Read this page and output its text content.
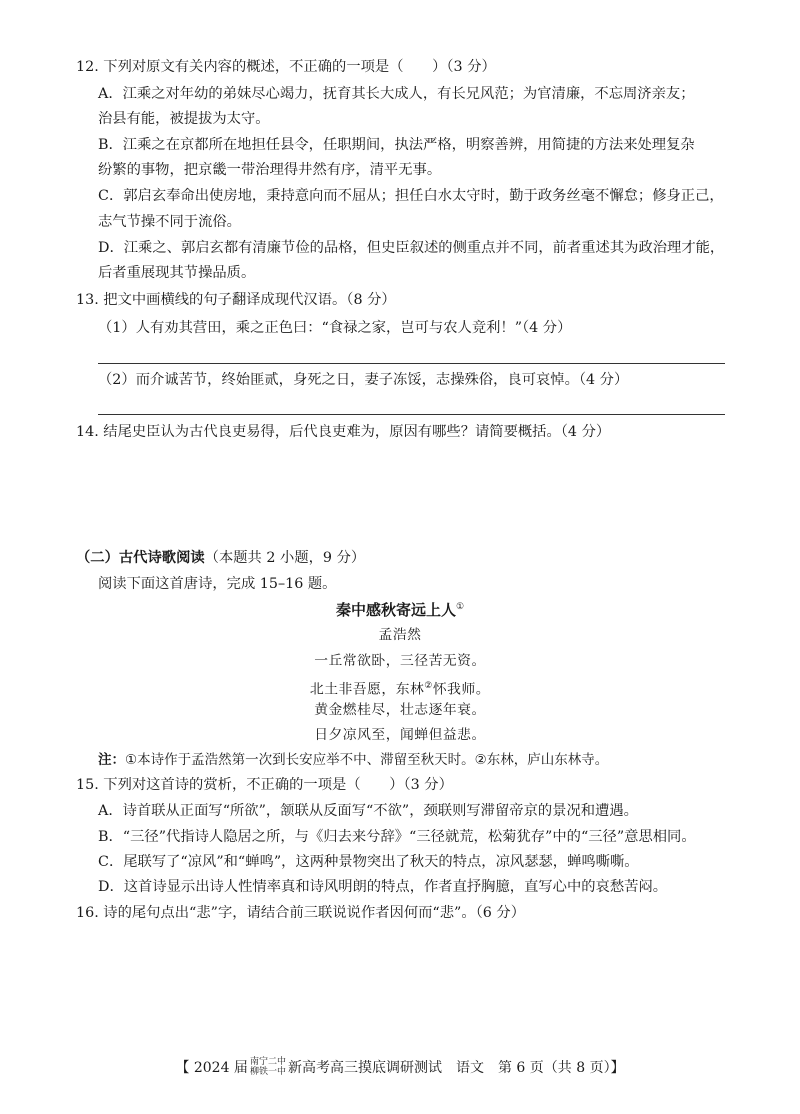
12. 下列对原文有关内容的概述，不正确的一项是（　　）（3 分）
A．江乘之对年幼的弟妹尽心竭力，抚育其长大成人，有长兄风范；为官清廉，不忘周济亲友；
治县有能，被提拔为太守。
B．江乘之在京都所在地担任县令，任职期间，执法严格，明察善辨，用简捷的方法来处理复杂
纷繁的事物，把京畿一带治理得井然有序，清平无事。
C．郭启玄奉命出使房地，秉持意向而不屈从；担任白水太守时，勤于政务丝毫不懈怠；修身正己，
志气节操不同于流俗。
D．江乘之、郭启玄都有清廉节俭的品格，但史臣叙述的侧重点并不同，前者重述其为政治理才能，
后者重展现其节操品质。
13. 把文中画横线的句子翻译成现代汉语。（8 分）
（1）人有劝其营田，乘之正色曰：“食禄之家，岂可与农人竞利！”（4 分）
（2）而介诚苦节，终始匪贰，身死之日，妻子冻馁，志操殊俗，良可哀悼。（4 分）
14. 结尾史臣认为古代良吏易得，后代良吏难为，原因有哪些？请简要概括。（4 分）
（二）古代诗歌阅读（本题共 2 小题，9 分）
阅读下面这首唐诗，完成 15–16 题。
秦中感秋寄远上人①
孟浩然
一丘常欲卧，三径苦无资。
北土非吾愿，东林②怀我师。
黄金燃桂尽，壮志逐年衰。
日夕凉风至，闻蝉但益悲。
注：①本诗作于孟浩然第一次到长安应举不中、滞留至秋天时。②东林，庐山东林寺。
15. 下列对这首诗的赏析，不正确的一项是（　　）（3 分）
A．诗首联从正面写“所欲”，颔联从反面写“不欲”，颈联则写滞留帝京的景况和遭遇。
B．“三径”代指诗人隐居之所，与《归去来兮辞》“三径就荒，松菊犹存”中的“三径”意思相同。
C．尾联写了“凉风”和“蝉鸣”，这两种景物突出了秋天的特点，凉风瑟瑟，蝉鸣嘶嘶。
D．这首诗显示出诗人性情率真和诗风明朗的特点，作者直抒胸臆，直写心中的哀愁苦闷。
16. 诗的尾句点出“悲”字，请结合前三联说说作者因何而“悲”。（6 分）
【 2024 届 南宁二中
柳铁一中 新高考高三摸底调研测试　语文　第 6 页（共 8 页）】
